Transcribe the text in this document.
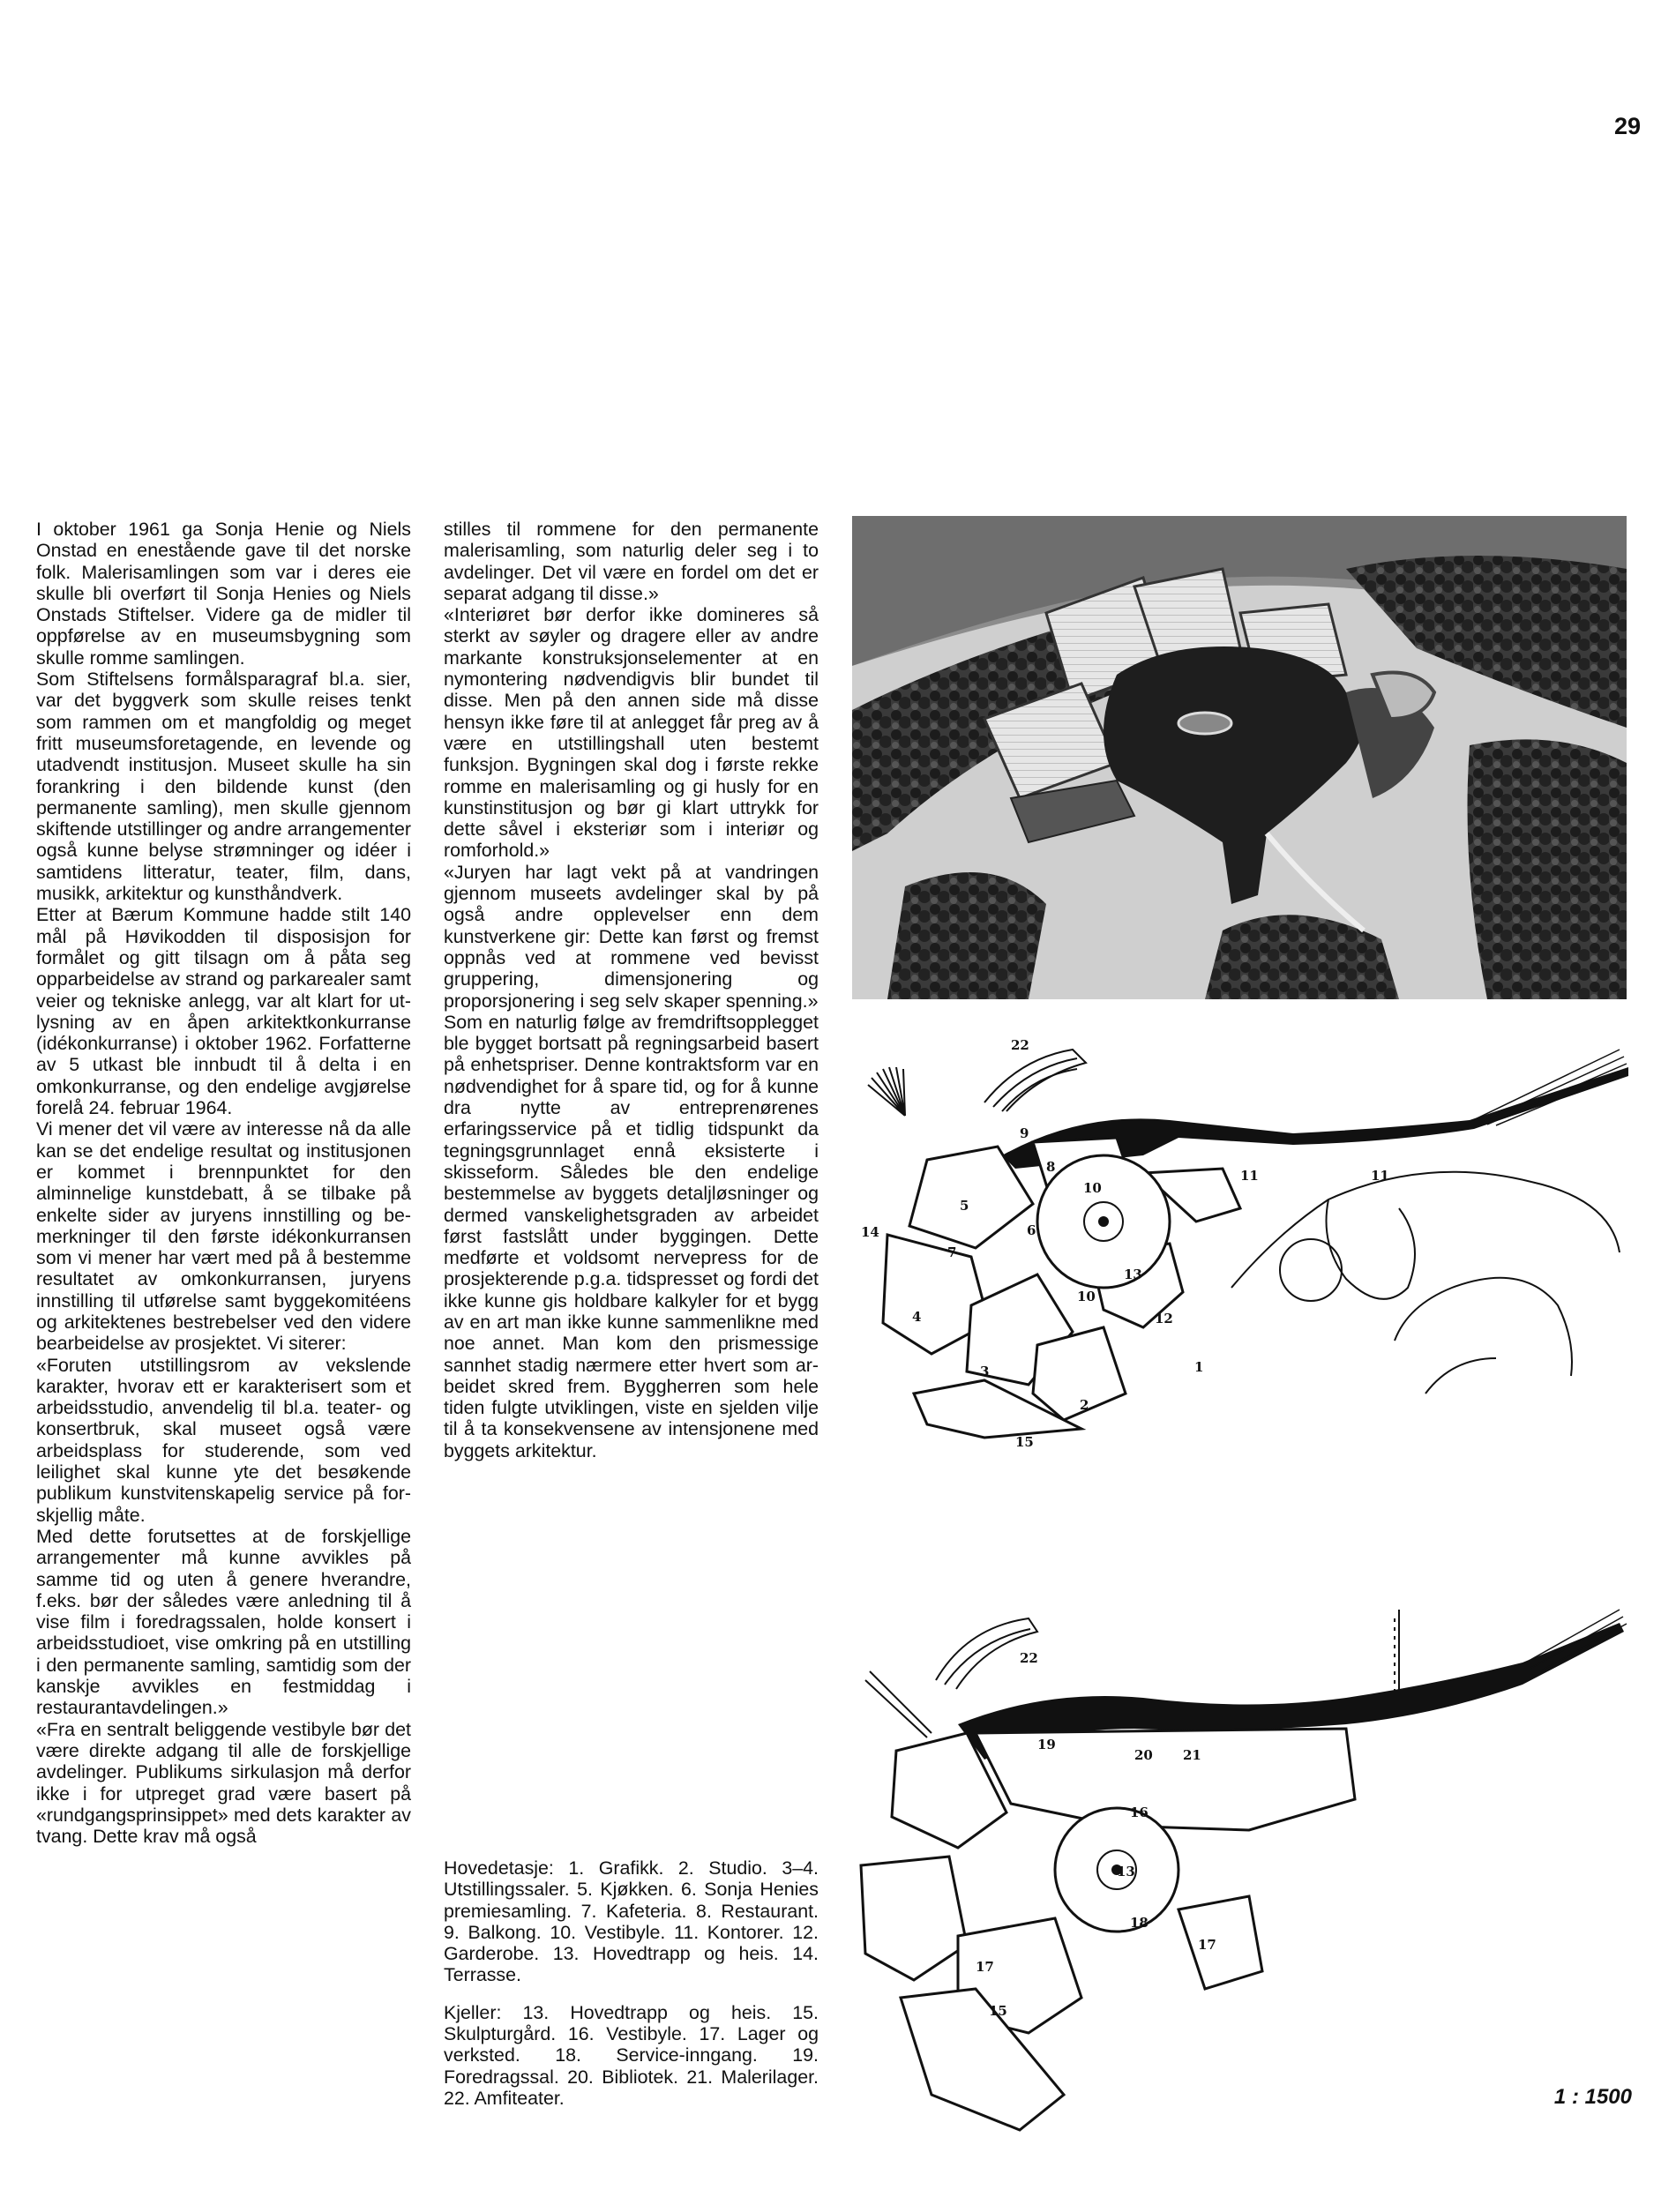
29

I oktober 1961 ga Sonja Henie og Niels Onstad en enestående gave til det norske folk. Malerisamlingen som var i deres eie skulle bli overført til Sonja Henies og Niels Onstads Stiftelser. Videre ga de midler til oppførelse av en museumsbygning som skulle romme samlingen.

Som Stiftelsens formålsparagraf bl.a. sier, var det byggverk som skulle reises tenkt som rammen om et mangfoldig og meget fritt museumsforetagende, en levende og utadvendt institusjon. Museet skulle ha sin forankring i den bildende kunst (den permanente samling), men skulle gjennom skiftende utstillinger og andre arrangementer også kunne belyse strømninger og idéer i samtidens litteratur, teater, film, dans, musikk, arkitektur og kunsthåndverk.

Etter at Bærum Kommune hadde stilt 140 mål på Høvikodden til disposisjon for formålet og gitt tilsagn om å påta seg opparbeidelse av strand og parkarealer samt veier og tekniske anlegg, var alt klart for utlysning av en åpen arkitektkonkurranse (idékonkurranse) i oktober 1962. Forfatterne av 5 utkast ble innbudt til å delta i en omkonkurranse, og den endelige avgjørelse forelå 24. februar 1964.

Vi mener det vil være av interesse nå da alle kan se det endelige resultat og institusjonen er kommet i brennpunktet for den alminnelige kunstdebatt, å se tilbake på enkelte sider av juryens innstilling og bemerkninger til den første idékonkurransen som vi mener har vært med på å bestemme resultatet av omkonkurransen, juryens innstilling til utførelse samt byggekomitéens og arkitektenes bestrebelser ved den videre bearbeidelse av prosjektet. Vi siterer:

«Foruten utstillingsrom av vekslende karakter, hvorav ett er karakterisert som et arbeidsstudio, anvendelig til bl.a. teater- og konsertbruk, skal museet også være arbeidsplass for studerende, som ved leilighet skal kunne yte det besøkende publikum kunstvitenskapelig service på forskjellig måte.

Med dette forutsettes at de forskjellige arrangementer må kunne avvikles på samme tid og uten å genere hverandre, f.eks. bør der således være anledning til å vise film i foredragssalen, holde konsert i arbeidsstudioet, vise omkring på en utstilling i den permanente samling, samtidig som der kanskje avvikles en festmiddag i restaurantavdelingen.»

«Fra en sentralt beliggende vestibyle bør det være direkte adgang til alle de forskjellige avdelinger. Publikums sirkulasjon må derfor ikke i for utpreget grad være basert på «rundgangsprinsippet» med dets karakter av tvang. Dette krav må også

stilles til rommene for den permanente malerisamling, som naturlig deler seg i to avdelinger. Det vil være en fordel om det er separat adgang til disse.»

«Interiøret bør derfor ikke domineres så sterkt av søyler og dragere eller av andre markante konstruksjonselementer at en nymontering nødvendigvis blir bundet til disse. Men på den annen side må disse hensyn ikke føre til at anlegget får preg av å være en utstillingshall uten bestemt funksjon. Bygningen skal dog i første rekke romme en malerisamling og gi husly for en kunstinstitusjon og bør gi klart uttrykk for dette såvel i eksteriør som i interiør og romforhold.»

«Juryen har lagt vekt på at vandringen gjennom museets avdelinger skal by på også andre opplevelser enn dem kunstverkene gir: Dette kan først og fremst oppnås ved at rommene ved bevisst gruppering, dimensjonering og proporsjonering i seg selv skaper spenning.»

Som en naturlig følge av fremdriftsopplegget ble bygget bortsatt på regningsarbeid basert på enhetspriser. Denne kontraktsform var en nødvendighet for å spare tid, og for å kunne dra nytte av entreprenørenes erfaringsservice på et tidlig tidspunkt da tegningsgrunnlaget ennå eksisterte i skisseform. Således ble den endelige bestemmelse av byggets detaljløsninger og dermed vanskelighetsgraden av arbeidet først fastslått under byggingen. Dette medførte et voldsomt nervepress for de prosjekterende p.g.a. tidspresset og fordi det ikke kunne gis holdbare kalkyler for et bygg av en art man ikke kunne sammenlikne med noe annet. Man kom den prismessige sannhet stadig nærmere etter hvert som arbeidet skred frem. Byggherren som hele tiden fulgte utviklingen, viste en sjelden vilje til å ta konsekvensene av intensjonene med byggets arkitektur.

Hovedetasje: 1. Grafikk. 2. Studio. 3–4. Utstillingssaler. 5. Kjøkken. 6. Sonja Henies premiesamling. 7. Kafeteria. 8. Restaurant. 9. Balkong. 10. Vestibyle. 11. Kontorer. 12. Garderobe. 13. Hovedtrapp og heis. 14. Terrasse.

Kjeller: 13. Hovedtrapp og heis. 15. Skulpturgård. 16. Vestibyle. 17. Lager og verksted. 18. Service-inngang. 19. Foredragssal. 20. Bibliotek. 21. Malerilager. 22. Amfiteater.

22
9
8
10
11	11
14	6
5
7
13
10
4	12
3	1
2
15
22
19
20 21
16
13
18
17
17
15
1 : 1500
